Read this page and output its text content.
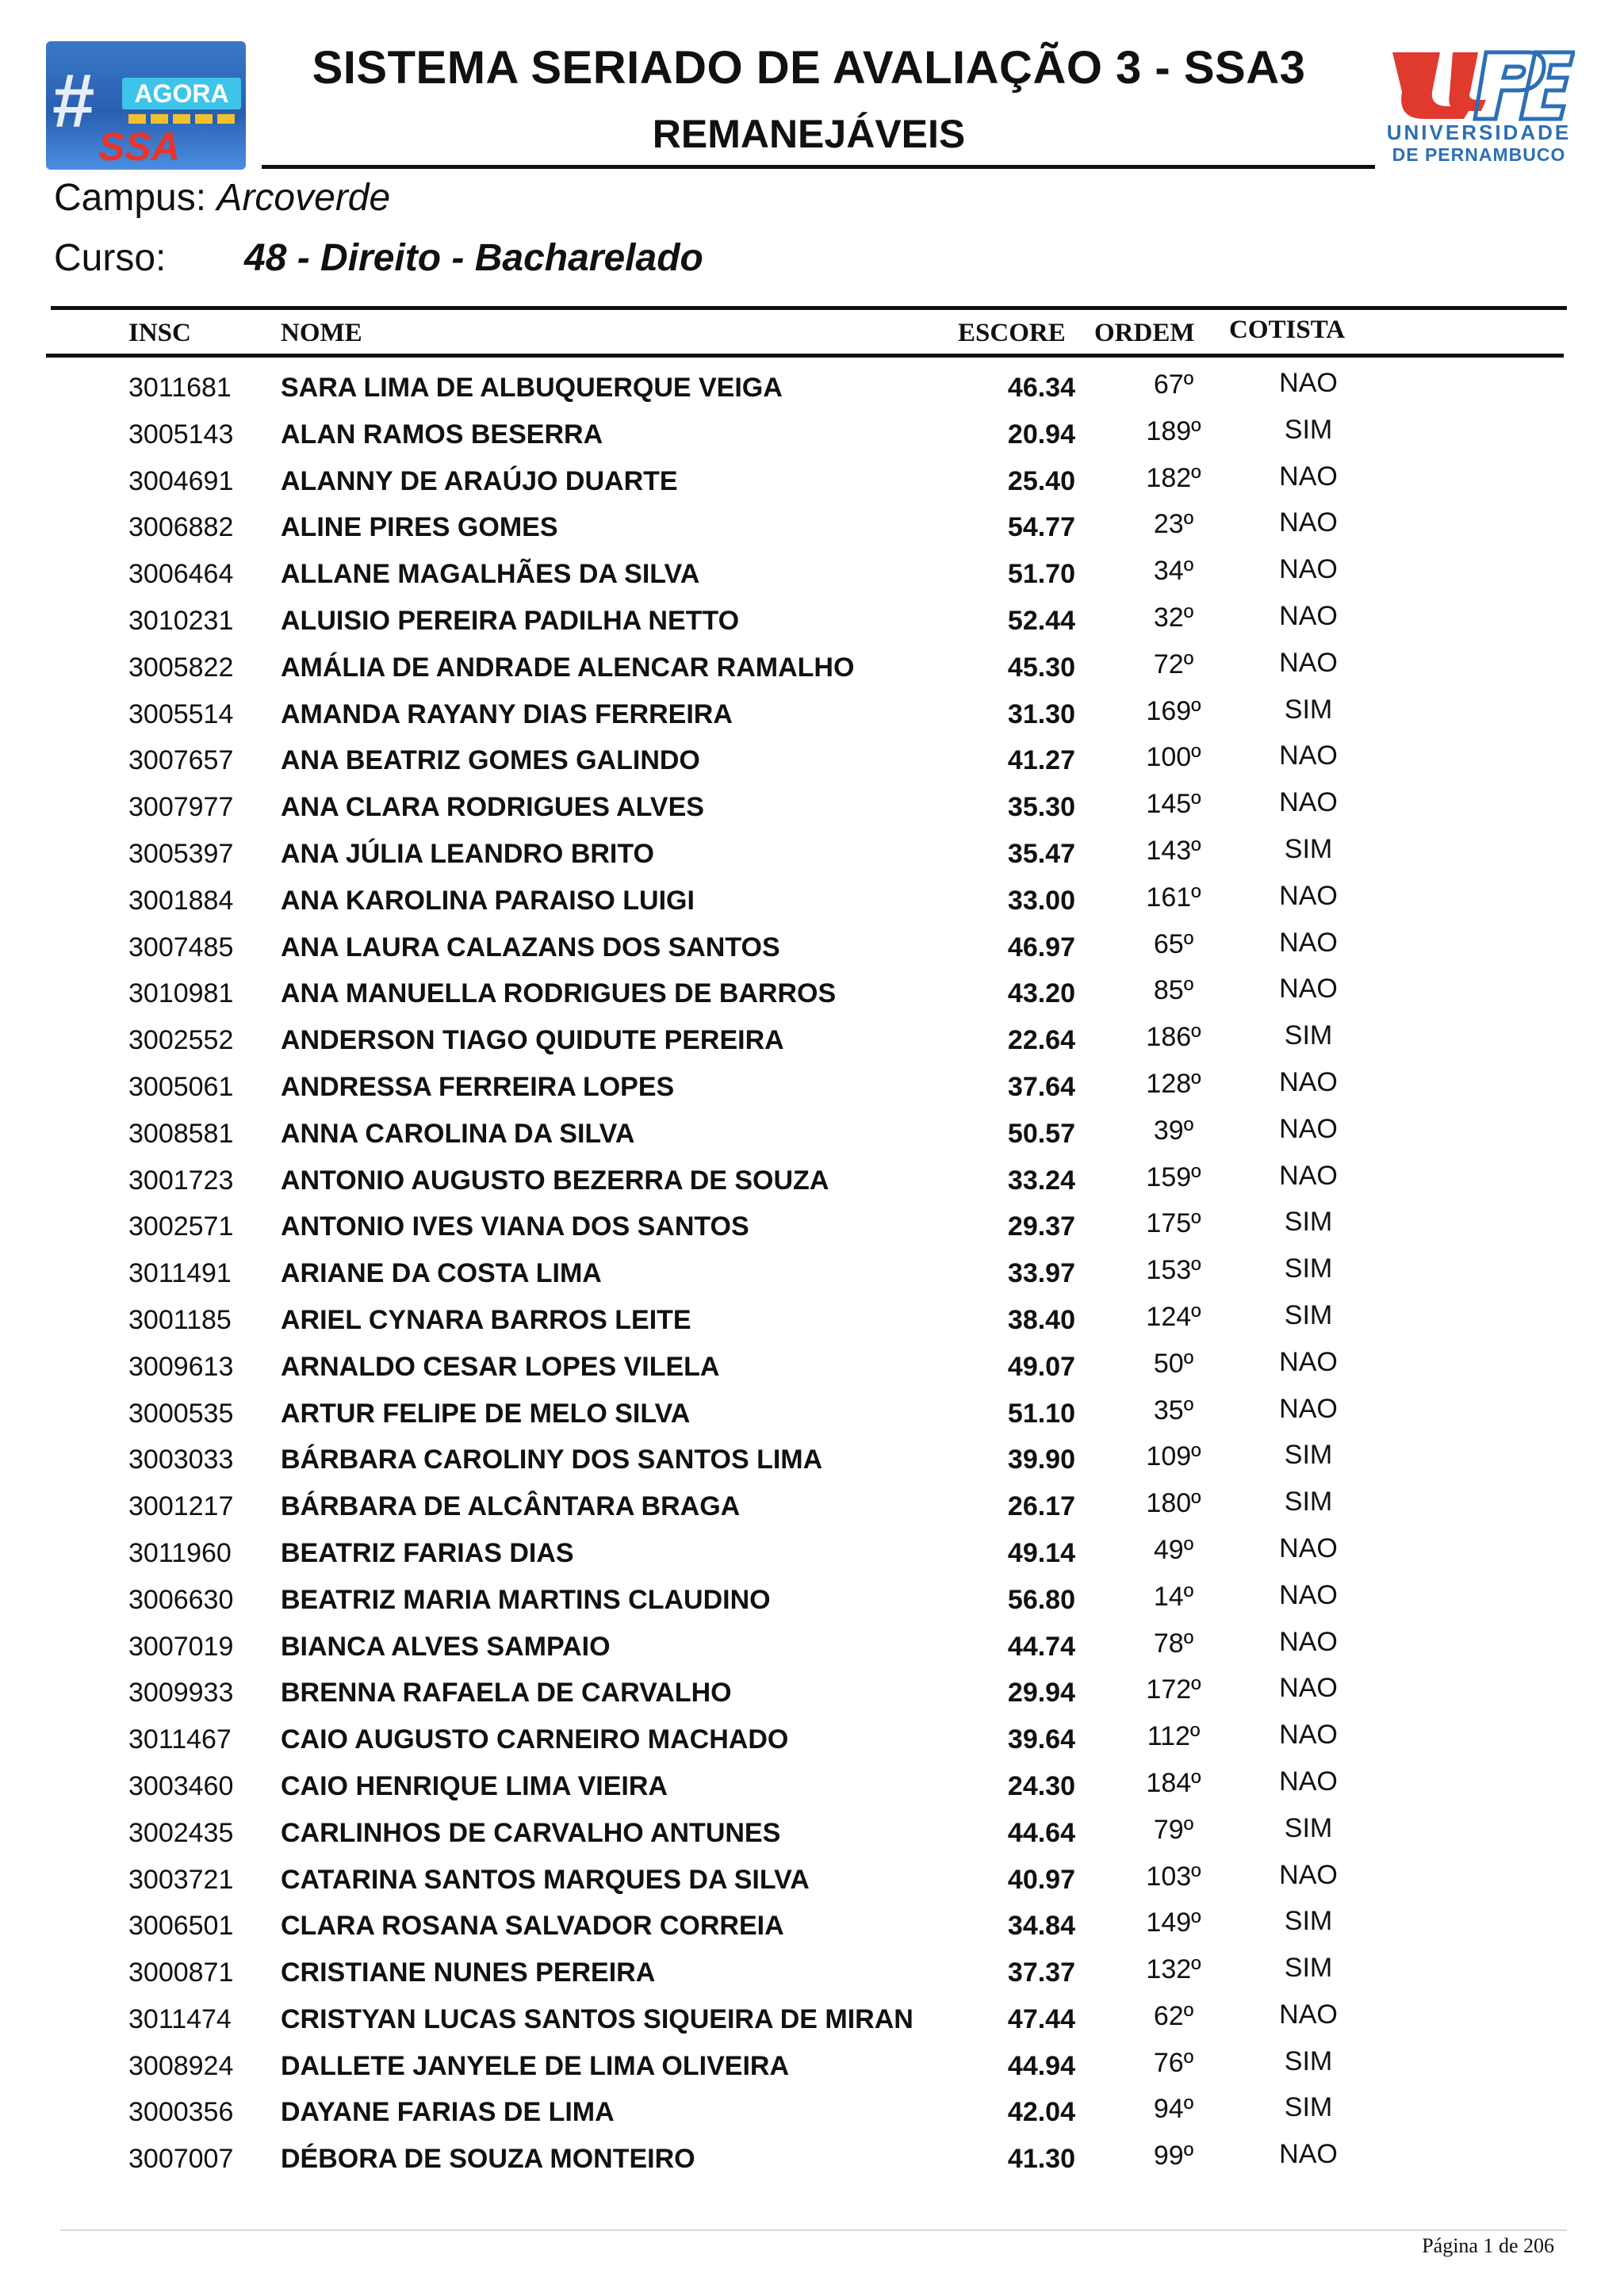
#	AGORA
SSA
SISTEMA SERIADO DE AVALIAÇÃO 3 - SSA3
REMANEJÁVEIS	UNIVERSIDADE
DE PERNAMBUCO
Campus: Arcoverde
Curso: 48 - Direito - Bacharelado
INSC	NOME	ESCORE ORDEM COTISTA
3011681 SARA LIMA DE ALBUQUERQUE VEIGA	46.34	67º	NAO
3005143 ALAN RAMOS BESERRA	20.94	189º	SIM
3004691 ALANNY DE ARAÚJO DUARTE	25.40	182º	NAO
3006882 ALINE PIRES GOMES	54.77	23º	NAO
3006464 ALLANE MAGALHÃES DA SILVA	51.70	34º	NAO
3010231 ALUISIO PEREIRA PADILHA NETTO	52.44	32º	NAO
3005822 AMÁLIA DE ANDRADE ALENCAR RAMALHO	45.30	72º	NAO
3005514 AMANDA RAYANY DIAS FERREIRA	31.30	169º	SIM
3007657 ANA BEATRIZ GOMES GALINDO	41.27	100º	NAO
3007977 ANA CLARA RODRIGUES ALVES	35.30	145º	NAO
3005397 ANA JÚLIA LEANDRO BRITO	35.47	143º	SIM
3001884 ANA KAROLINA PARAISO LUIGI	33.00	161º	NAO
3007485 ANA LAURA CALAZANS DOS SANTOS	46.97	65º	NAO
3010981 ANA MANUELLA RODRIGUES DE BARROS	43.20	85º	NAO
3002552 ANDERSON TIAGO QUIDUTE PEREIRA	22.64	186º	SIM
3005061 ANDRESSA FERREIRA LOPES	37.64	128º	NAO
3008581 ANNA CAROLINA DA SILVA	50.57	39º	NAO
3001723 ANTONIO AUGUSTO BEZERRA DE SOUZA	33.24	159º	NAO
3002571 ANTONIO IVES VIANA DOS SANTOS	29.37	175º	SIM
3011491 ARIANE DA COSTA LIMA	33.97	153º	SIM
3001185 ARIEL CYNARA BARROS LEITE	38.40	124º	SIM
3009613 ARNALDO CESAR LOPES VILELA	49.07	50º	NAO
3000535 ARTUR FELIPE DE MELO SILVA	51.10	35º	NAO
3003033 BÁRBARA CAROLINY DOS SANTOS LIMA	39.90	109º	SIM
3001217 BÁRBARA DE ALCÂNTARA BRAGA	26.17	180º	SIM
3011960 BEATRIZ FARIAS DIAS	49.14	49º	NAO
3006630 BEATRIZ MARIA MARTINS CLAUDINO	56.80	14º	NAO
3007019 BIANCA ALVES SAMPAIO	44.74	78º	NAO
3009933 BRENNA RAFAELA DE CARVALHO	29.94	172º	NAO
3011467 CAIO AUGUSTO CARNEIRO MACHADO	39.64	112º	NAO
3003460 CAIO HENRIQUE LIMA VIEIRA	24.30	184º	NAO
3002435 CARLINHOS DE CARVALHO ANTUNES	44.64	79º	SIM
3003721 CATARINA SANTOS MARQUES DA SILVA	40.97	103º	NAO
3006501 CLARA ROSANA SALVADOR CORREIA	34.84	149º	SIM
3000871 CRISTIANE NUNES PEREIRA	37.37	132º	SIM
3011474 CRISTYAN LUCAS SANTOS SIQUEIRA DE MIRAN	47.44	62º	NAO
3008924 DALLETE JANYELE DE LIMA OLIVEIRA	44.94	76º	SIM
3000356 DAYANE FARIAS DE LIMA	42.04	94º	SIM
3007007 DÉBORA DE SOUZA MONTEIRO	41.30	99º	NAO
Página 1 de 206
